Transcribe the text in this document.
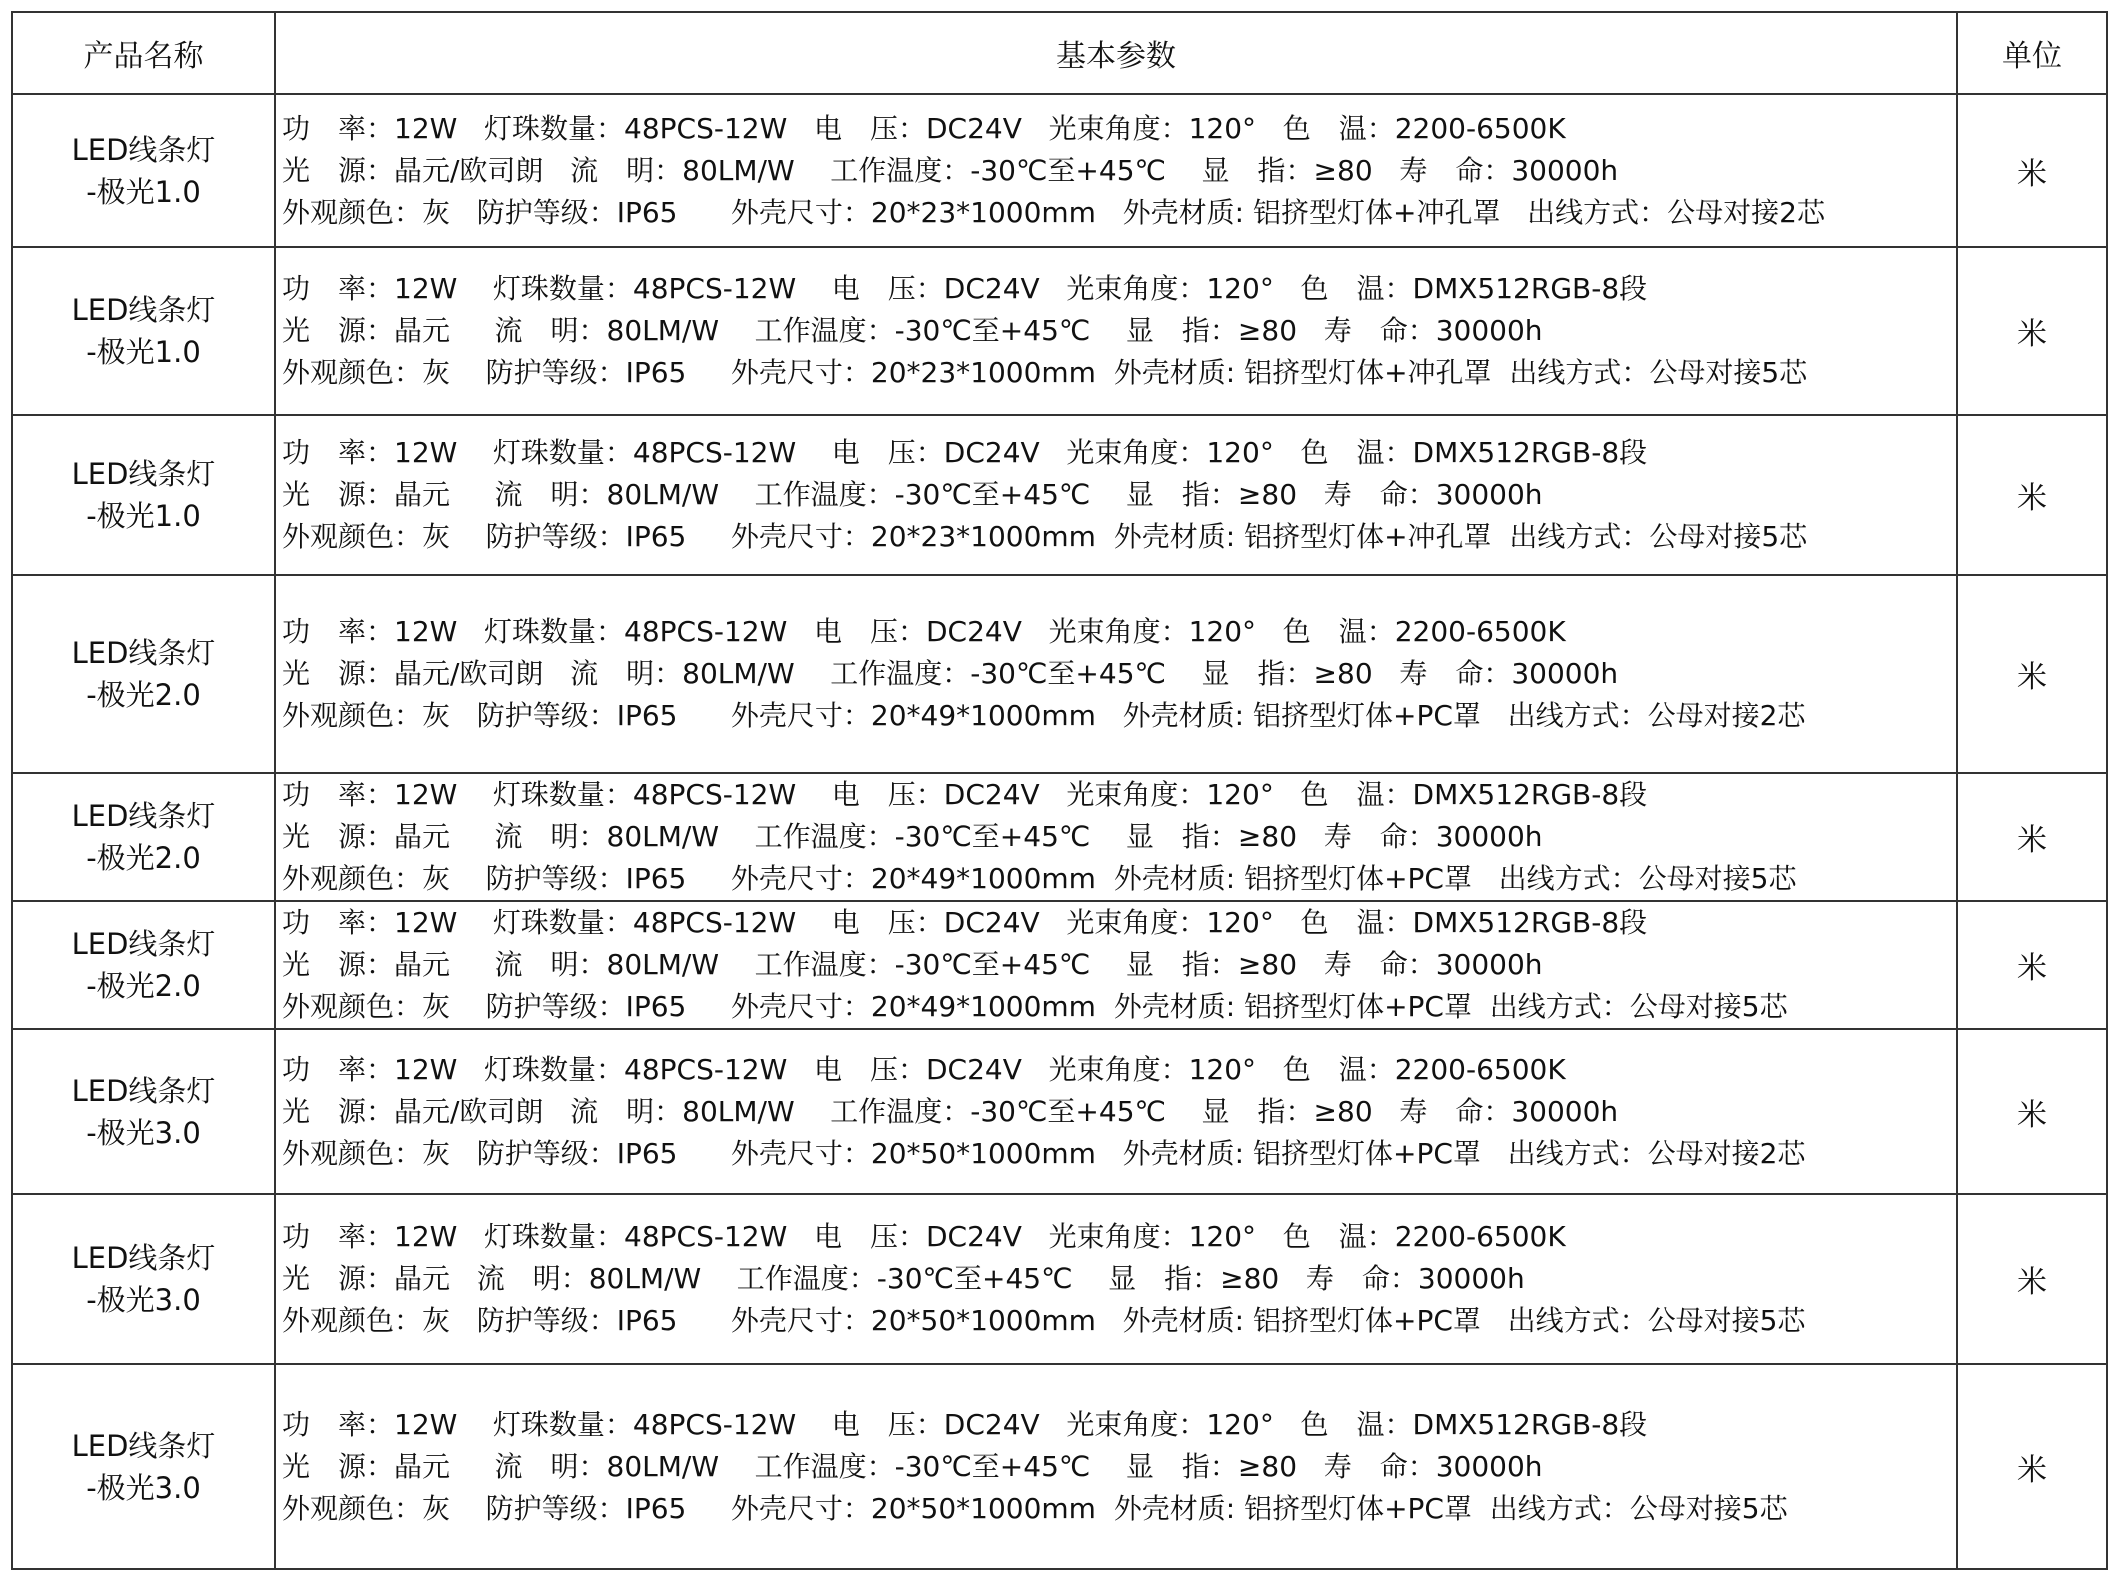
产品名称	基本参数	单位

LED线条灯
-极光1.0	功　率：12W   灯珠数量：48PCS-12W   电　压：DC24V   光束角度：120°   色　温：2200-6500K
光　源：晶元/欧司朗   流　明：80LM/W    工作温度：-30℃至+45℃    显　指：≥80   寿　命：30000h
外观颜色：灰   防护等级：IP65      外壳尺寸：20*23*1000mm   外壳材质: 铝挤型灯体+冲孔罩   出线方式：公母对接2芯	米

LED线条灯
-极光1.0	功　率：12W    灯珠数量：48PCS-12W    电　压：DC24V   光束角度：120°   色　温：DMX512RGB-8段
光　源：晶元     流　明：80LM/W    工作温度：-30℃至+45℃    显　指：≥80   寿　命：30000h
外观颜色：灰    防护等级：IP65     外壳尺寸：20*23*1000mm  外壳材质: 铝挤型灯体+冲孔罩  出线方式：公母对接5芯	米

LED线条灯
-极光1.0	功　率：12W    灯珠数量：48PCS-12W    电　压：DC24V   光束角度：120°   色　温：DMX512RGB-8段
光　源：晶元     流　明：80LM/W    工作温度：-30℃至+45℃    显　指：≥80   寿　命：30000h
外观颜色：灰    防护等级：IP65     外壳尺寸：20*23*1000mm  外壳材质: 铝挤型灯体+冲孔罩  出线方式：公母对接5芯	米

LED线条灯
-极光2.0	功　率：12W   灯珠数量：48PCS-12W   电　压：DC24V   光束角度：120°   色　温：2200-6500K
光　源：晶元/欧司朗   流　明：80LM/W    工作温度：-30℃至+45℃    显　指：≥80   寿　命：30000h
外观颜色：灰   防护等级：IP65      外壳尺寸：20*49*1000mm   外壳材质: 铝挤型灯体+PC罩   出线方式：公母对接2芯	米

LED线条灯
-极光2.0	功　率：12W    灯珠数量：48PCS-12W    电　压：DC24V   光束角度：120°   色　温：DMX512RGB-8段
光　源：晶元     流　明：80LM/W    工作温度：-30℃至+45℃    显　指：≥80   寿　命：30000h
外观颜色：灰    防护等级：IP65     外壳尺寸：20*49*1000mm  外壳材质: 铝挤型灯体+PC罩   出线方式：公母对接5芯	米

LED线条灯
-极光2.0	功　率：12W    灯珠数量：48PCS-12W    电　压：DC24V   光束角度：120°   色　温：DMX512RGB-8段
光　源：晶元     流　明：80LM/W    工作温度：-30℃至+45℃    显　指：≥80   寿　命：30000h
外观颜色：灰    防护等级：IP65     外壳尺寸：20*49*1000mm  外壳材质: 铝挤型灯体+PC罩  出线方式：公母对接5芯	米

LED线条灯
-极光3.0	功　率：12W   灯珠数量：48PCS-12W   电　压：DC24V   光束角度：120°   色　温：2200-6500K
光　源：晶元/欧司朗   流　明：80LM/W    工作温度：-30℃至+45℃    显　指：≥80   寿　命：30000h
外观颜色：灰   防护等级：IP65      外壳尺寸：20*50*1000mm   外壳材质: 铝挤型灯体+PC罩   出线方式：公母对接2芯	米

LED线条灯
-极光3.0	功　率：12W   灯珠数量：48PCS-12W   电　压：DC24V   光束角度：120°   色　温：2200-6500K
光　源：晶元   流　明：80LM/W    工作温度：-30℃至+45℃    显　指：≥80   寿　命：30000h
外观颜色：灰   防护等级：IP65      外壳尺寸：20*50*1000mm   外壳材质: 铝挤型灯体+PC罩   出线方式：公母对接5芯	米

LED线条灯
-极光3.0	功　率：12W    灯珠数量：48PCS-12W    电　压：DC24V   光束角度：120°   色　温：DMX512RGB-8段
光　源：晶元     流　明：80LM/W    工作温度：-30℃至+45℃    显　指：≥80   寿　命：30000h
外观颜色：灰    防护等级：IP65     外壳尺寸：20*50*1000mm  外壳材质: 铝挤型灯体+PC罩  出线方式：公母对接5芯	米
